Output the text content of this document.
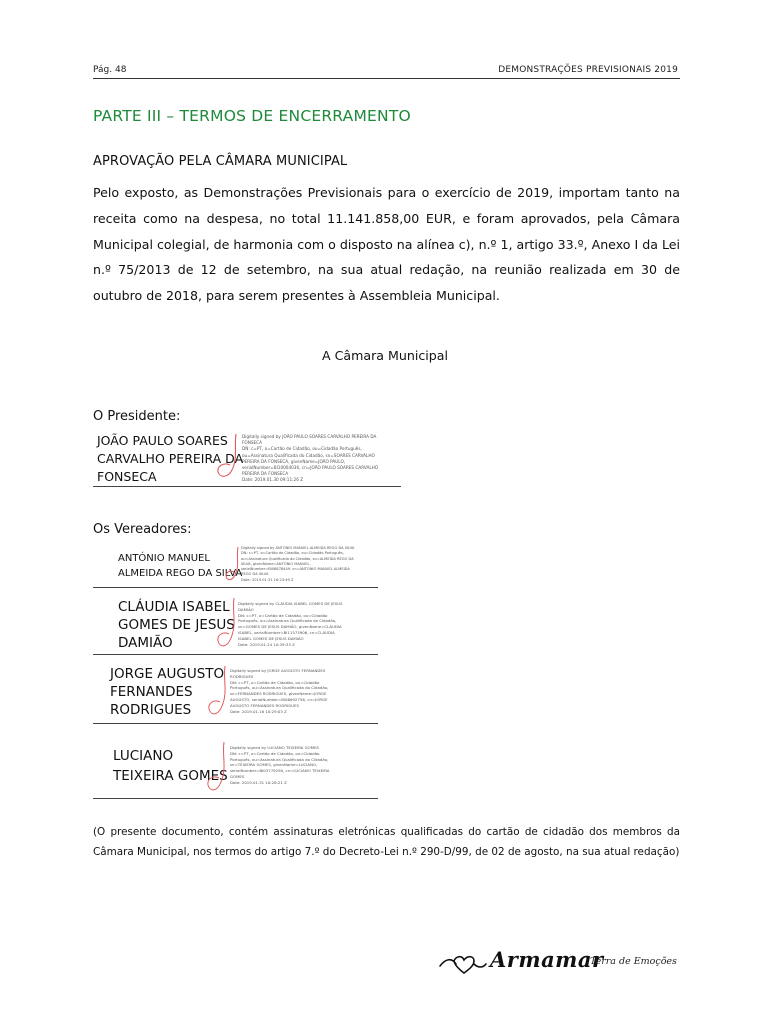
Pág. 48	DEMONSTRAÇÕES PREVISIONAIS 2019
PARTE III – TERMOS DE ENCERRAMENTO
APROVAÇÃO PELA CÂMARA MUNICIPAL

Pelo exposto, as Demonstrações Previsionais para o exercício de 2019, importam tanto na receita como na despesa, no total 11.141.858,00 EUR, e foram aprovados, pela Câmara Municipal colegial, de harmonia com o disposto na alínea c), n.º 1, artigo 33.º, Anexo I da Lei n.º 75/2013 de 12 de setembro, na sua atual redação, na reunião realizada em 30 de outubro de 2018, para serem presentes à Assembleia Municipal.

A Câmara Municipal
O Presidente:
JOÃO PAULO SOARES
CARVALHO PEREIRA DA
FONSECA
Digitally signed by JOÃO PAULO SOARES CARVALHO PEREIRA DA
FONSECA
DN: c=PT, o=Cartão de Cidadão, ou=Cidadão Português,
ou=Assinatura Qualificada do Cidadão, sn=SOARES CARVALHO
PEREIRA DA FONSECA, givenName=JOÃO PAULO,
serialNumber=BI10004036, cn=JOÃO PAULO SOARES CARVALHO
PEREIRA DA FONSECA
Date: 2019.01.30 09:11:26 Z
Os Vereadores:
ANTÓNIO MANUEL
ALMEIDA REGO DA SILVA
Digitally signed by ANTÓNIO MANUEL ALMEIDA REGO DA SILVA
DN: c=PT, o=Cartão de Cidadão, ou=Cidadão Português,
ou=Assinatura Qualificada do Cidadão, sn=ALMEIDA REGO DA
SILVA, givenName=ANTÓNIO MANUEL,
serialNumber=BI06878449, cn=ANTÓNIO MANUEL ALMEIDA
REGO DA SILVA
Date: 2019.01.31 16:23:49 Z
CLÁUDIA ISABEL
GOMES DE JESUS
DAMIÃO
Digitally signed by CLÁUDIA ISABEL GOMES DE JESUS
DAMIÃO
DN: c=PT, o=Cartão de Cidadão, ou=Cidadão
Português, ou=Assinatura Qualificada do Cidadão,
sn=GOMES DE JESUS DAMIÃO, givenName=CLÁUDIA
ISABEL, serialNumber=BI11573906, cn=CLÁUDIA
ISABEL GOMES DE JESUS DAMIÃO
Date: 2019.01.24 10:39:33 Z
JORGE AUGUSTO
FERNANDES
RODRIGUES
Digitally signed by JORGE AUGUSTO FERNANDES
RODRIGUES
DN: c=PT, o=Cartão de Cidadão, ou=Cidadão
Português, ou=Assinatura Qualificada do Cidadão,
sn=FERNANDES RODRIGUES, givenName=JORGE
AUGUSTO, serialNumber=BI06692756, cn=JORGE
AUGUSTO FERNANDES RODRIGUES
Date: 2019.01.16 10:29:03 Z
LUCIANO
TEIXEIRA GOMES
Digitally signed by LUCIANO TEIXEIRA GOMES
DN: c=PT, o=Cartão de Cidadão, ou=Cidadão
Português, ou=Assinatura Qualificada do Cidadão,
sn=TEIXEIRA GOMES, givenName=LUCIANO,
serialNumber=BI03779290, cn=LUCIANO TEIXEIRA
GOMES
Date: 2019.01.31 10:28:21 Z

(O presente documento, contém assinaturas eletrónicas qualificadas do cartão de cidadão dos membros da Câmara Municipal, nos termos do artigo 7.º do Decreto-Lei n.º 290-D/99, de 02 de agosto, na sua atual redação)

Armamar
Terra de Emoções
